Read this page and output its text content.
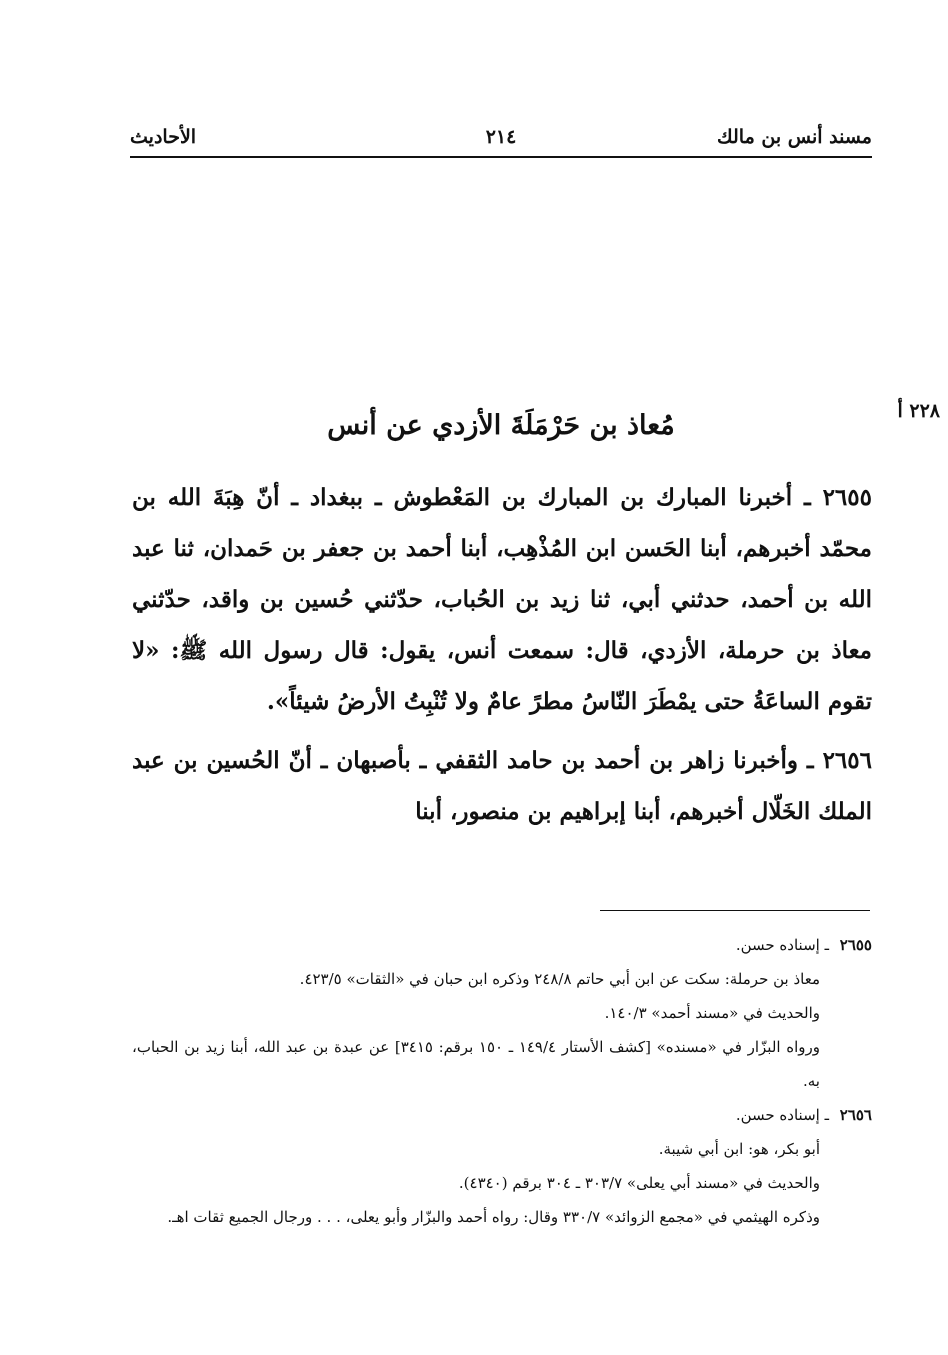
مسند أنس بن مالك
٢١٤
الأحاديث
٢٢٨ أ
مُعاذ بن حَرْمَلَةَ الأزدي عن أنس

٢٦٥٥ ـ أخبرنا المبارك بن المبارك بن المَعْطوش ـ ببغداد ـ أنّ هِبَةَ الله بن محمّد أخبرهم، أبنا الحَسن ابن المُذْهِب، أبنا أحمد بن جعفر بن حَمدان، ثنا عبد الله بن أحمد، حدثني أبي، ثنا زيد بن الحُباب، حدّثني حُسين بن واقد، حدّثني معاذ بن حرملة، الأزدي، قال: سمعت أنس، يقول: قال رسول الله ﷺ: «لا تقوم الساعَةُ حتى يمْطَرَ النّاسُ مطرً عامٌ ولا تُنْبِتُ الأرضُ شيئاً».

٢٦٥٦ ـ وأخبرنا زاهر بن أحمد بن حامد الثقفي ـ بأصبهان ـ أنّ الحُسين بن عبد الملك الخَلّال أخبرهم، أبنا إبراهيم بن منصور، أبنا

٢٦٥٥ ـ إسناده حسن.

معاذ بن حرملة: سكت عن ابن أبي حاتم ٢٤٨/٨ وذكره ابن حبان في «الثقات» ٤٢٣/٥.

والحديث في «مسند أحمد» ١٤٠/٣.

ورواه البزّار في «مسنده» [كشف الأستار ١٤٩/٤ ـ ١٥٠ برقم: ٣٤١٥] عن عبدة بن عبد الله، أبنا زيد بن الحباب، به.

٢٦٥٦ ـ إسناده حسن.

أبو بكر، هو: ابن أبي شيبة.

والحديث في «مسند أبي يعلى» ٣٠٣/٧ ـ ٣٠٤ برقم (٤٣٤٠).

وذكره الهيثمي في «مجمع الزوائد» ٣٣٠/٧ وقال: رواه أحمد والبزّار وأبو يعلى، . . . ورجال الجميع ثقات اهـ.
